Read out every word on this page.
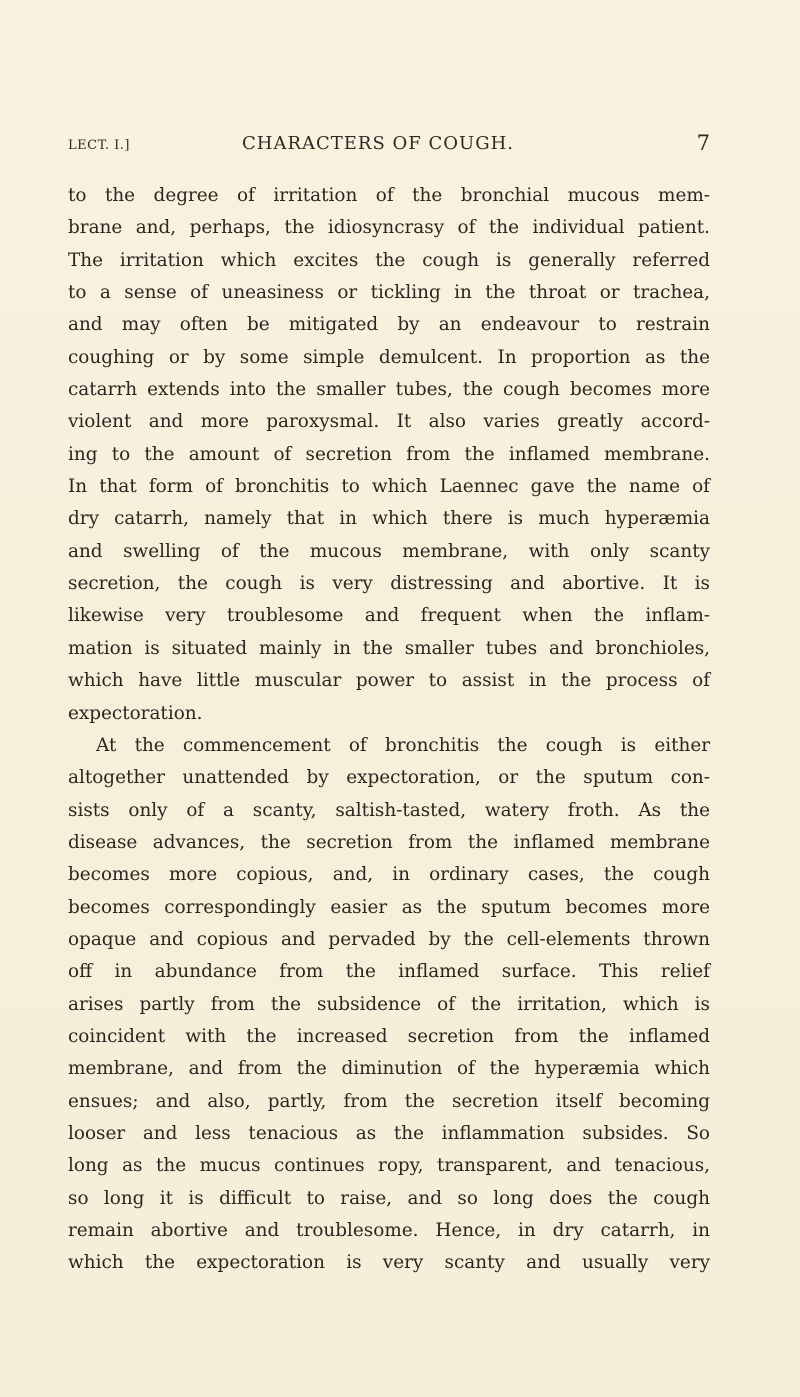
LECT. I.]	CHARACTERS OF COUGH.	7
to the degree of irritation of the bronchial mucous mem-
brane and, perhaps, the idiosyncrasy of the individual patient.
The irritation which excites the cough is generally referred
to a sense of uneasiness or tickling in the throat or trachea,
and may often be mitigated by an endeavour to restrain
coughing or by some simple demulcent. In proportion as the
catarrh extends into the smaller tubes, the cough becomes more
violent and more paroxysmal. It also varies greatly accord-
ing to the amount of secretion from the inflamed membrane.
In that form of bronchitis to which Laennec gave the name of
dry catarrh, namely that in which there is much hyperæmia
and swelling of the mucous membrane, with only scanty
secretion, the cough is very distressing and abortive. It is
likewise very troublesome and frequent when the inflam-
mation is situated mainly in the smaller tubes and bronchioles,
which have little muscular power to assist in the process of
expectoration.
At the commencement of bronchitis the cough is either
altogether unattended by expectoration, or the sputum con-
sists only of a scanty, saltish-tasted, watery froth. As the
disease advances, the secretion from the inflamed membrane
becomes more copious, and, in ordinary cases, the cough
becomes correspondingly easier as the sputum becomes more
opaque and copious and pervaded by the cell-elements thrown
off in abundance from the inflamed surface. This relief
arises partly from the subsidence of the irritation, which is
coincident with the increased secretion from the inflamed
membrane, and from the diminution of the hyperæmia which
ensues; and also, partly, from the secretion itself becoming
looser and less tenacious as the inflammation subsides. So
long as the mucus continues ropy, transparent, and tenacious,
so long it is difficult to raise, and so long does the cough
remain abortive and troublesome. Hence, in dry catarrh, in
which the expectoration is very scanty and usually very
